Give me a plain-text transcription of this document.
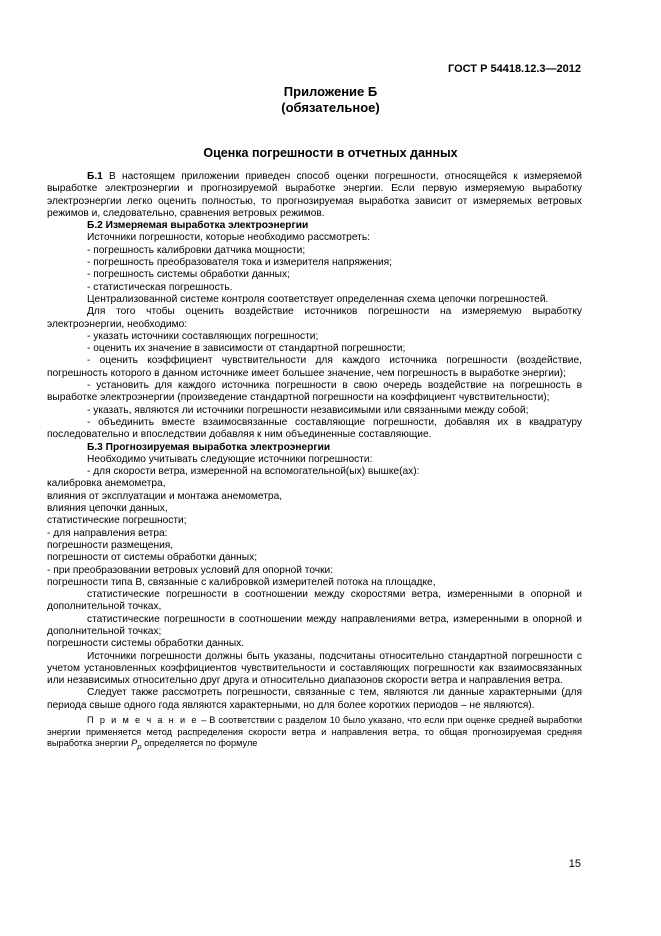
ГОСТ Р 54418.12.3—2012
Приложение Б
(обязательное)
Оценка погрешности в отчетных данных

Б.1 В настоящем приложении приведен способ оценки погрешности, относящейся к измеряемой выработке электроэнергии и прогнозируемой выработке энергии. Если первую измеряемую выработку электроэнергии легко оценить полностью, то прогнозируемая выработка зависит от измеряемых ветровых режимов и, следовательно, сравнения ветровых режимов.

Б.2 Измеряемая выработка электроэнергии

Источники погрешности, которые необходимо рассмотреть:

- погрешность калибровки датчика мощности;

- погрешность преобразователя тока и измерителя напряжения;

- погрешность системы обработки данных;

- статистическая погрешность.

Централизованной системе контроля соответствует определенная схема цепочки погрешностей.

Для того чтобы оценить воздействие источников погрешности на измеряемую выработку электроэнергии, необходимо:

- указать источники составляющих погрешности;

- оценить их значение в зависимости от стандартной погрешности;

- оценить коэффициент чувствительности для каждого источника погрешности (воздействие, погрешность которого в данном источнике имеет большее значение, чем погрешность в выработке энергии);

- установить для каждого источника погрешности в свою очередь воздействие на погрешность в выработке электроэнергии (произведение стандартной погрешности на коэффициент чувствительности);

- указать, являются ли источники погрешности независимыми или связанными между собой;

- объединить вместе взаимосвязанные составляющие погрешности, добавляя их в квадратуру последовательно и впоследствии добавляя к ним объединенные составляющие.

Б.3 Прогнозируемая выработка электроэнергии

Необходимо учитывать следующие источники погрешности:

- для скорости ветра, измеренной на вспомогательной(ых) вышке(ах):

калибровка анемометра,

влияния от эксплуатации и монтажа анемометра,

влияния цепочки данных,

статистические погрешности;

- для направления ветра:

погрешности размещения,

погрешности от системы обработки данных;

- при преобразовании ветровых условий для опорной точки:

погрешности типа В, связанные с калибровкой измерителей потока на площадке,

статистические погрешности в соотношении между скоростями ветра, измеренными в опорной и дополнительной точках,

статистические погрешности в соотношении между направлениями ветра, измеренными в опорной и дополнительной точках;

погрешности системы обработки данных.

Источники погрешности должны быть указаны, подсчитаны относительно стандартной погрешности с учетом установленных коэффициентов чувствительности и составляющих погрешности как взаимосвязанных или независимых относительно друг друга и относительно диапазонов скорости ветра и направления ветра.

Следует также рассмотреть погрешности, связанные с тем, являются ли данные характерными (для периода свыше одного года являются характерными, но для более коротких периодов – не являются).

П р и м е ч а н и е – В соответствии с разделом 10 было указано, что если при оценке средней выработки энергии применяется метод распределения скорости ветра и направления ветра, то общая прогнозируемая средняя выработка энергии $P_p$ определяется по формуле

15
